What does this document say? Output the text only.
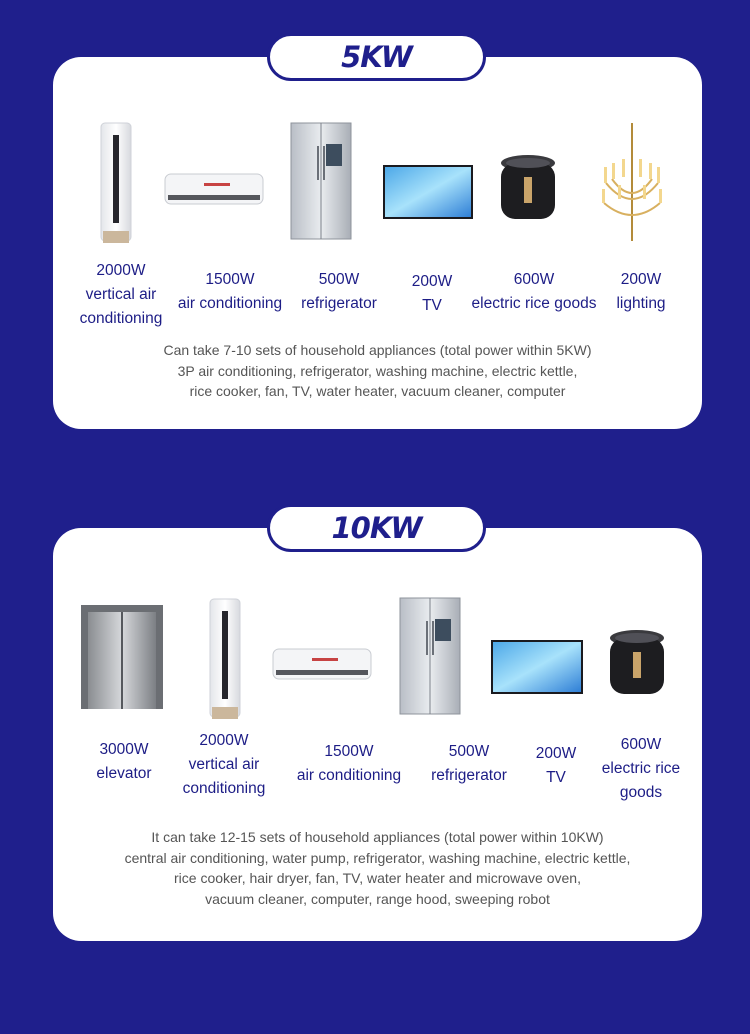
2000W
vertical air
conditioning
1500W
air conditioning
500W
refrigerator
200W
TV
600W
electric rice goods
200W
lighting
Can take 7-10 sets of household appliances (total power within 5KW)
3P air conditioning, refrigerator, washing machine, electric kettle,
rice cooker, fan, TV, water heater, vacuum cleaner, computer
5KW
3000W
elevator
2000W
vertical air
conditioning
1500W
air conditioning
500W
refrigerator
200W
TV
600W
electric rice
goods
It can take 12-15 sets of household appliances (total power within 10KW)
central air conditioning, water pump, refrigerator, washing machine, electric kettle,
rice cooker, hair dryer, fan, TV, water heater and microwave oven,
vacuum cleaner, computer, range hood, sweeping robot
10KW
